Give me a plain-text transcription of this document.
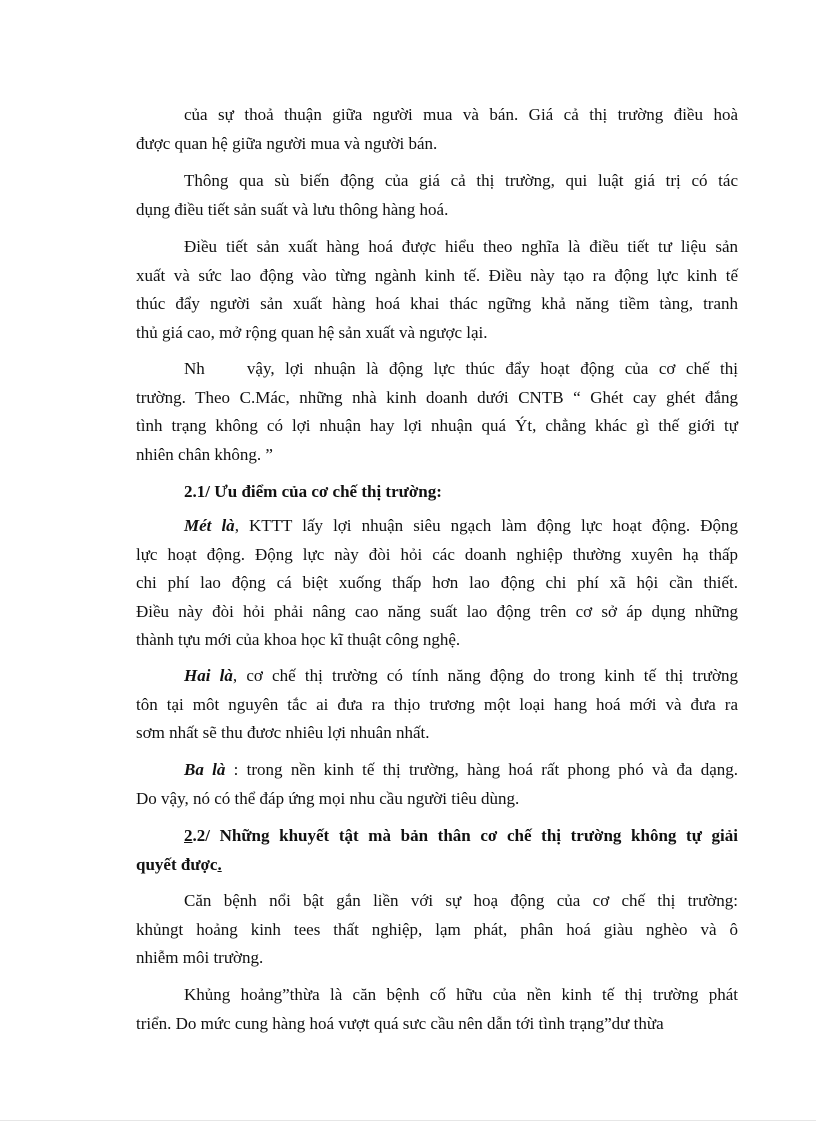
của sự thoả thuận giữa người mua và bán. Giá cả thị trường điều hoà
được quan hệ giữa người mua và người bán.
Thông qua sù biến động của giá cả thị trường, qui luật giá trị có tác
dụng điều tiết sản suất và lưu thông hàng hoá.
Điều tiết sản xuất hàng hoá được hiểu theo nghĩa là điều tiết tư liệu sản
xuất và sức lao động vào từng ngành kinh tế. Điều này tạo ra động lực kinh tế
thúc đẩy người sản xuất hàng hoá khai thác ngững khả năng tiềm tàng, tranh
thủ giá cao, mở rộng quan hệ sản xuất và ngược lại.
Nh    vậy, lợi nhuận là động lực thúc đẩy hoạt động của cơ chế thị
trường. Theo C.Mác, những nhà kinh doanh dưới CNTB “ Ghét cay ghét đắng
tình trạng không có lợi nhuận hay lợi nhuận quá Ýt, chẳng khác gì thế giới tự
nhiên chân không. ”
2.1/ Ưu điểm của cơ chế thị trường:
Mét là, KTTT lấy lợi nhuận siêu ngạch làm động lực hoạt động. Động
lực hoạt động. Động lực này đòi hỏi các doanh nghiệp thường xuyên hạ thấp
chi phí lao động cá biệt xuống thấp hơn lao động chi phí xã hội cần thiết.
Điều này đòi hỏi phải nâng cao năng suất lao động trên cơ sở áp dụng những
thành tựu mới của khoa học kĩ thuật công nghệ.
Hai là, cơ chế thị trường có tính năng động do trong kinh tế thị trường
tôn tại môt nguyên tắc ai đưa ra thịo trương một loại hang hoá mới và đưa ra
sơm nhất sẽ thu đươc nhiêu lợi nhuân nhất.
Ba là : trong nền kinh tế thị trường, hàng hoá rất phong phó và đa dạng.
Do vậy, nó có thể đáp ứng mọi nhu cầu người tiêu dùng.
2.2/ Những khuyết tật mà bản thân cơ chế thị trường không tự giải
quyết được.
Căn bệnh nổi bật gắn liền với sự hoạ động của cơ chế thị trường:
khủngt hoảng kinh tees thất nghiệp, lạm phát, phân hoá giàu nghèo và ô
nhiễm môi trường.
Khủng hoảng”thừa là căn bệnh cố hữu của nền kinh tế thị trường phát
triển. Do mức cung hàng hoá vượt quá sưc cầu nên dẫn tới tình trạng”dư thừa
